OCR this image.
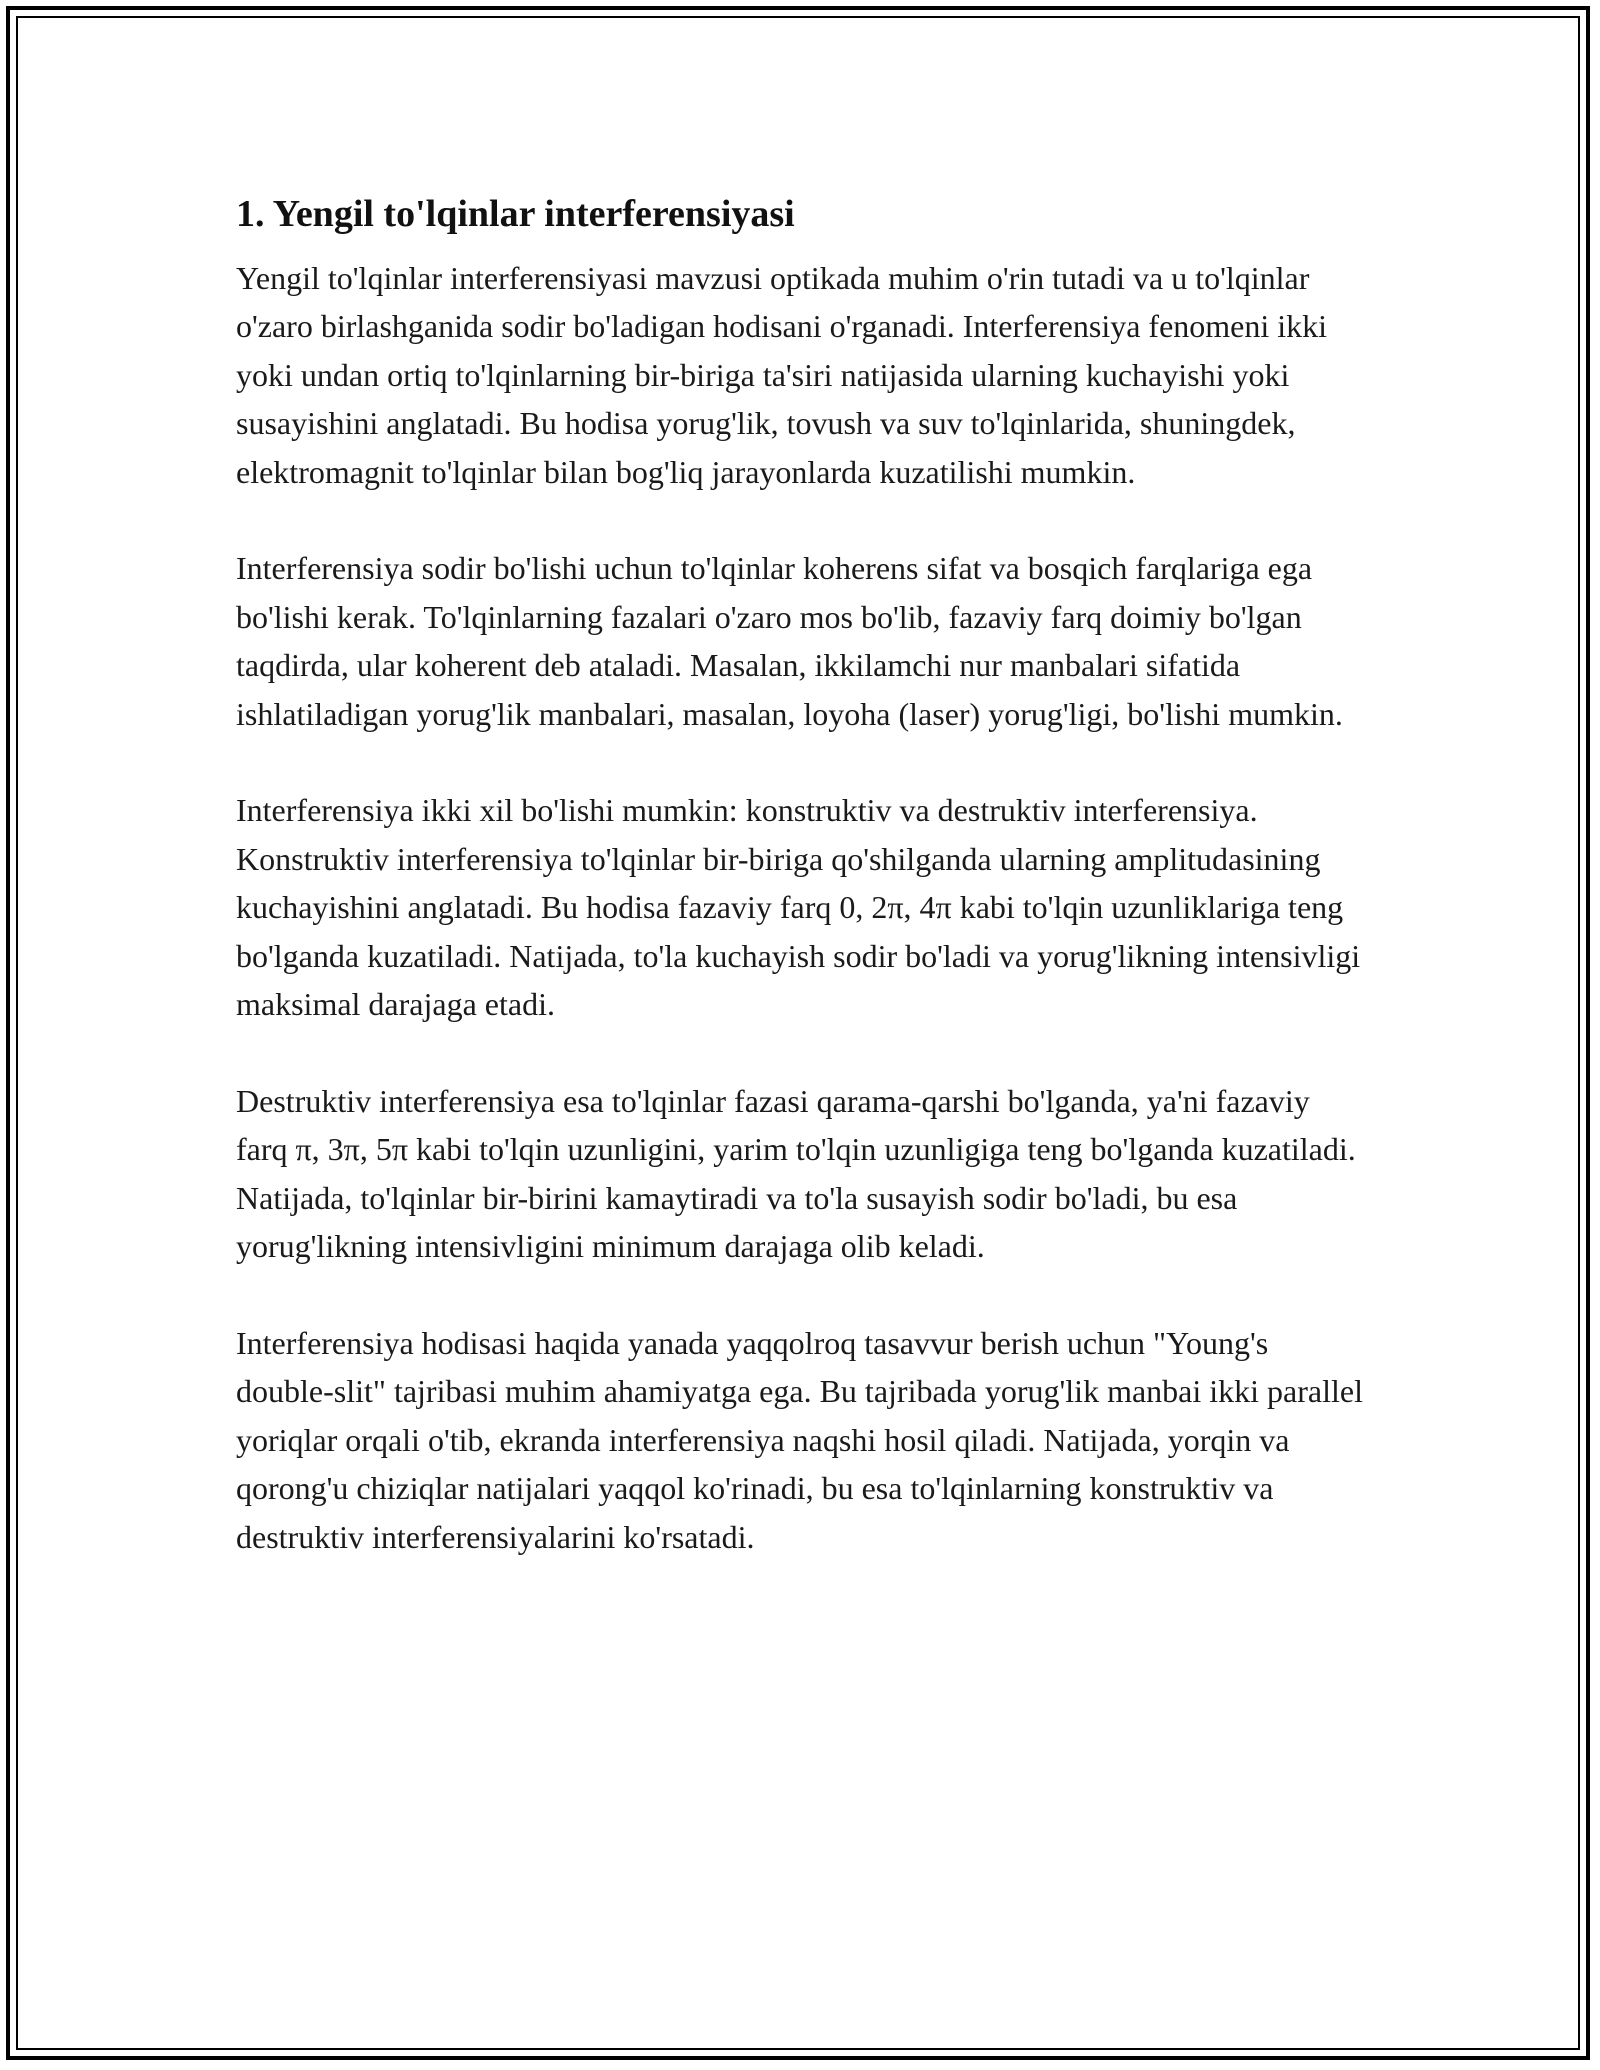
1. Yengil to'lqinlar interferensiyasi

Yengil to'lqinlar interferensiyasi mavzusi optikada muhim o'rin tutadi va u to'lqinlar o'zaro birlashganida sodir bo'ladigan hodisani o'rganadi. Interferensiya fenomeni ikki yoki undan ortiq to'lqinlarning bir-biriga ta'siri natijasida ularning kuchayishi yoki susayishini anglatadi. Bu hodisa yorug'lik, tovush va suv to'lqinlarida, shuningdek, elektromagnit to'lqinlar bilan bog'liq jarayonlarda kuzatilishi mumkin.

Interferensiya sodir bo'lishi uchun to'lqinlar koherens sifat va bosqich farqlariga ega bo'lishi kerak. To'lqinlarning fazalari o'zaro mos bo'lib, fazaviy farq doimiy bo'lgan taqdirda, ular koherent deb ataladi. Masalan, ikkilamchi nur manbalari sifatida ishlatiladigan yorug'lik manbalari, masalan, loyoha (laser) yorug'ligi, bo'lishi mumkin.

Interferensiya ikki xil bo'lishi mumkin: konstruktiv va destruktiv interferensiya. Konstruktiv interferensiya to'lqinlar bir-biriga qo'shilganda ularning amplitudasining kuchayishini anglatadi. Bu hodisa fazaviy farq 0, 2π, 4π kabi to'lqin uzunliklariga teng bo'lganda kuzatiladi. Natijada, to'la kuchayish sodir bo'ladi va yorug'likning intensivligi maksimal darajaga etadi.

Destruktiv interferensiya esa to'lqinlar fazasi qarama-qarshi bo'lganda, ya'ni fazaviy farq π, 3π, 5π kabi to'lqin uzunligini, yarim to'lqin uzunligiga teng bo'lganda kuzatiladi. Natijada, to'lqinlar bir-birini kamaytiradi va to'la susayish sodir bo'ladi, bu esa yorug'likning intensivligini minimum darajaga olib keladi.

Interferensiya hodisasi haqida yanada yaqqolroq tasavvur berish uchun "Young's double-slit" tajribasi muhim ahamiyatga ega. Bu tajribada yorug'lik manbai ikki parallel yoriqlar orqali o'tib, ekranda interferensiya naqshi hosil qiladi. Natijada, yorqin va qorong'u chiziqlar natijalari yaqqol ko'rinadi, bu esa to'lqinlarning konstruktiv va destruktiv interferensiyalarini ko'rsatadi.
